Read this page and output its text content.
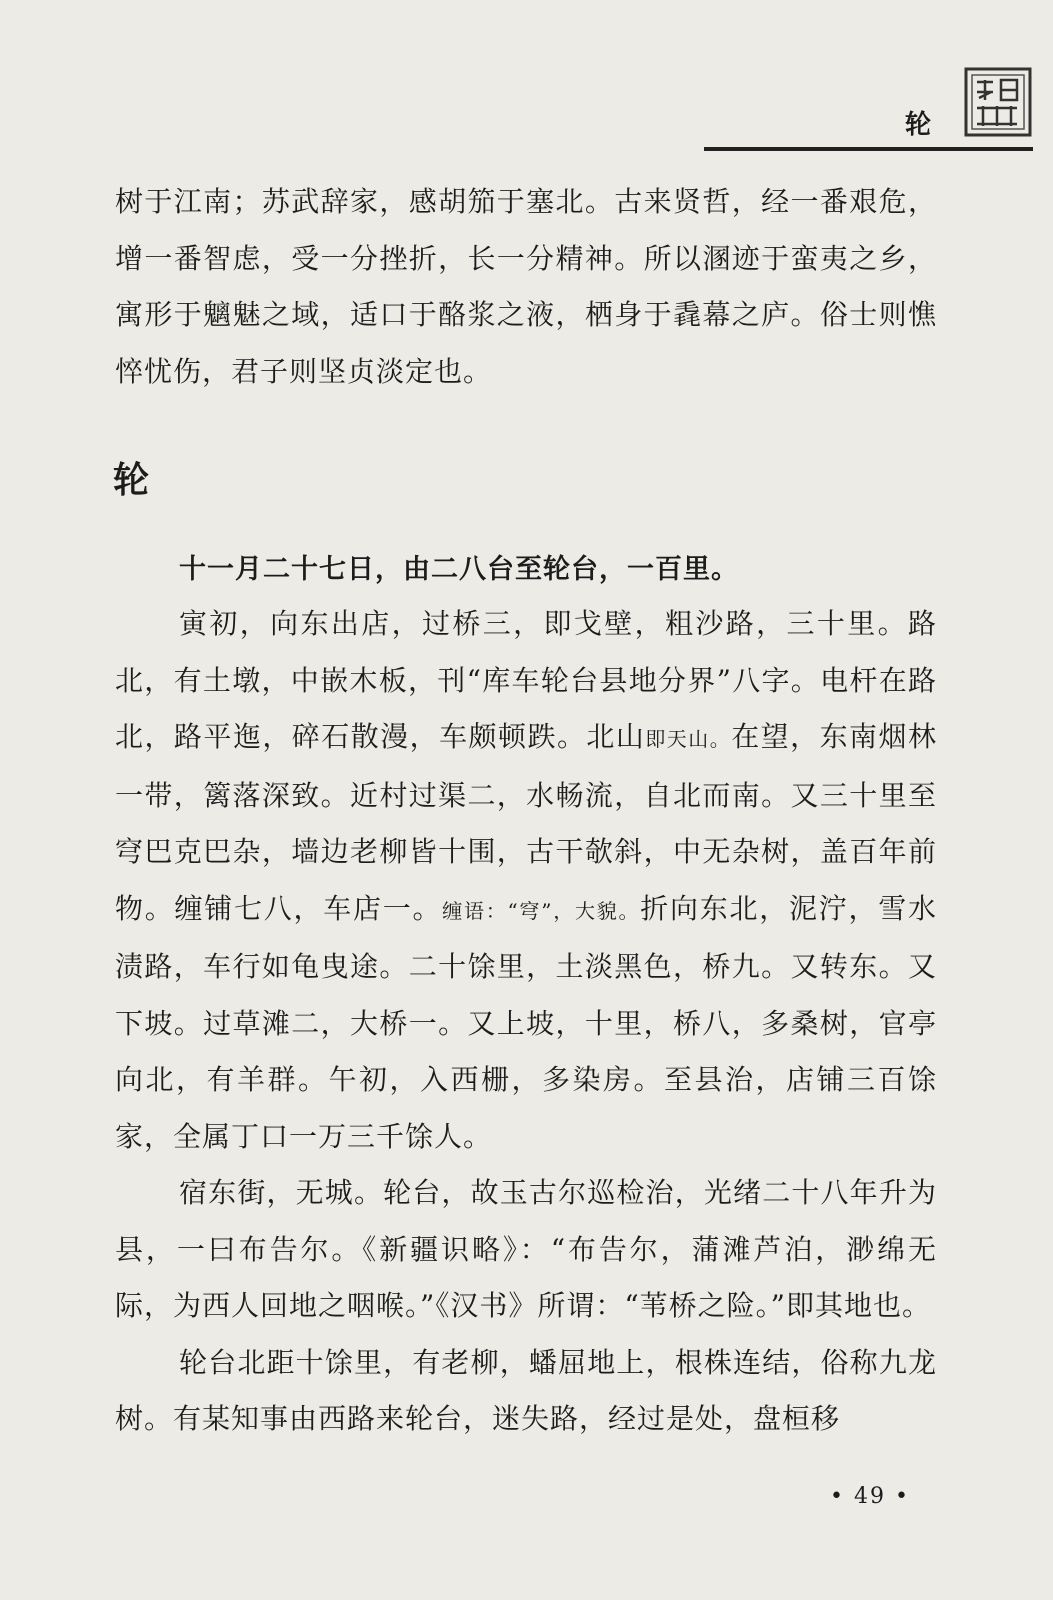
轮

树于江南；苏武辞家，感胡笳于塞北。古来贤哲，经一番艰危，增一番智虑，受一分挫折，长一分精神。所以溷迹于蛮夷之乡，寓形于魑魅之域，适口于酪浆之液，栖身于毳幕之庐。俗士则憔悴忧伤，君子则坚贞淡定也。

轮
十一月二十七日，由二八台至轮台，一百里。

寅初，向东出店，过桥三，即戈壁，粗沙路，三十里。路北，有土墩，中嵌木板，刊“库车轮台县地分界”八字。电杆在路北，路平迤，碎石散漫，车颇顿跌。北山即天山。在望，东南烟林一带，篱落深致。近村过渠二，水畅流，自北而南。又三十里至穹巴克巴杂，墙边老柳皆十围，古干欹斜，中无杂树，盖百年前物。缠铺七八，车店一。缠语：“穹”，大貌。折向东北，泥泞，雪水渍路，车行如龟曳途。二十馀里，土淡黑色，桥九。又转东。又下坡。过草滩二，大桥一。又上坡，十里，桥八，多桑树，官亭向北，有羊群。午初，入西栅，多染房。至县治，店铺三百馀家，全属丁口一万三千馀人。

宿东街，无城。轮台，故玉古尔巡检治，光绪二十八年升为县，一曰布告尔。《新疆识略》：“布告尔，蒲滩芦泊，渺绵无际，为西人回地之咽喉。”《汉书》所谓：“苇桥之险。”即其地也。

轮台北距十馀里，有老柳，蟠屈地上，根株连结，俗称九龙树。有某知事由西路来轮台，迷失路，经过是处，盘桓移

• 49 •
